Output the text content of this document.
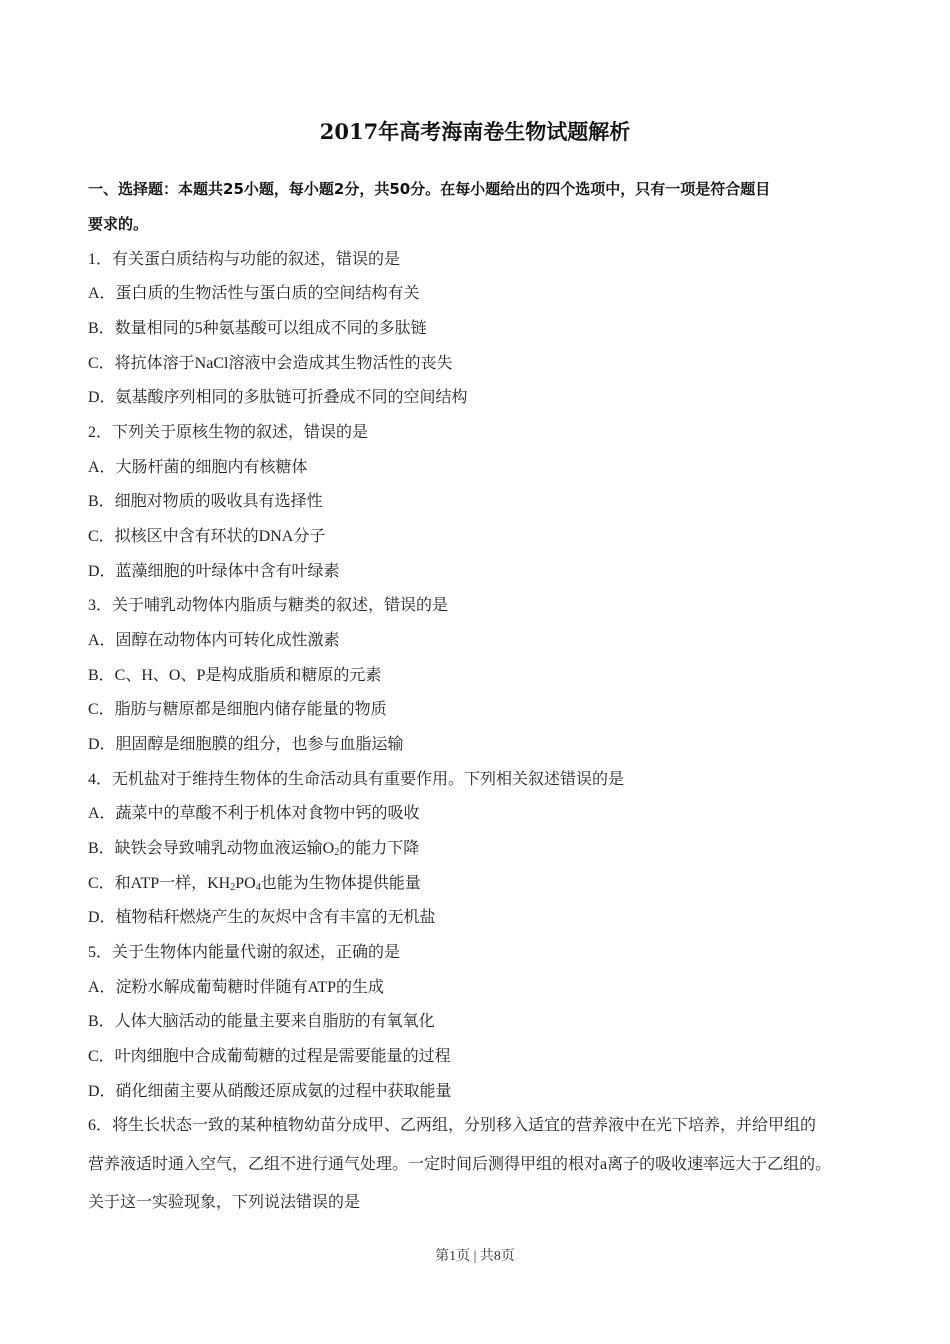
2017年高考海南卷生物试题解析
一、选择题：本题共25小题，每小题2分，共50分。在每小题给出的四个选项中，只有一项是符合题目
要求的。
1．有关蛋白质结构与功能的叙述，错误的是
A．蛋白质的生物活性与蛋白质的空间结构有关
B．数量相同的5种氨基酸可以组成不同的多肽链
C．将抗体溶于NaCl溶液中会造成其生物活性的丧失
D．氨基酸序列相同的多肽链可折叠成不同的空间结构
2．下列关于原核生物的叙述，错误的是
A．大肠杆菌的细胞内有核糖体
B．细胞对物质的吸收具有选择性
C．拟核区中含有环状的DNA分子
D．蓝藻细胞的叶绿体中含有叶绿素
3．关于哺乳动物体内脂质与糖类的叙述，错误的是
A．固醇在动物体内可转化成性激素
B．C、H、O、P是构成脂质和糖原的元素
C．脂肪与糖原都是细胞内储存能量的物质
D．胆固醇是细胞膜的组分，也参与血脂运输
4．无机盐对于维持生物体的生命活动具有重要作用。下列相关叙述错误的是
A．蔬菜中的草酸不利于机体对食物中钙的吸收
B．缺铁会导致哺乳动物血液运输$O_2$的能力下降
C．和ATP一样，$KH_2PO_4$也能为生物体提供能量
D．植物秸秆燃烧产生的灰烬中含有丰富的无机盐
5．关于生物体内能量代谢的叙述，正确的是
A．淀粉水解成葡萄糖时伴随有ATP的生成
B．人体大脑活动的能量主要来自脂肪的有氧氧化
C．叶肉细胞中合成葡萄糖的过程是需要能量的过程
D．硝化细菌主要从硝酸还原成氨的过程中获取能量
6．将生长状态一致的某种植物幼苗分成甲、乙两组，分别移入适宜的营养液中在光下培养，并给甲组的
营养液适时通入空气，乙组不进行通气处理。一定时间后测得甲组的根对a离子的吸收速率远大于乙组的。
关于这一实验现象，下列说法错误的是
第1页 | 共8页
